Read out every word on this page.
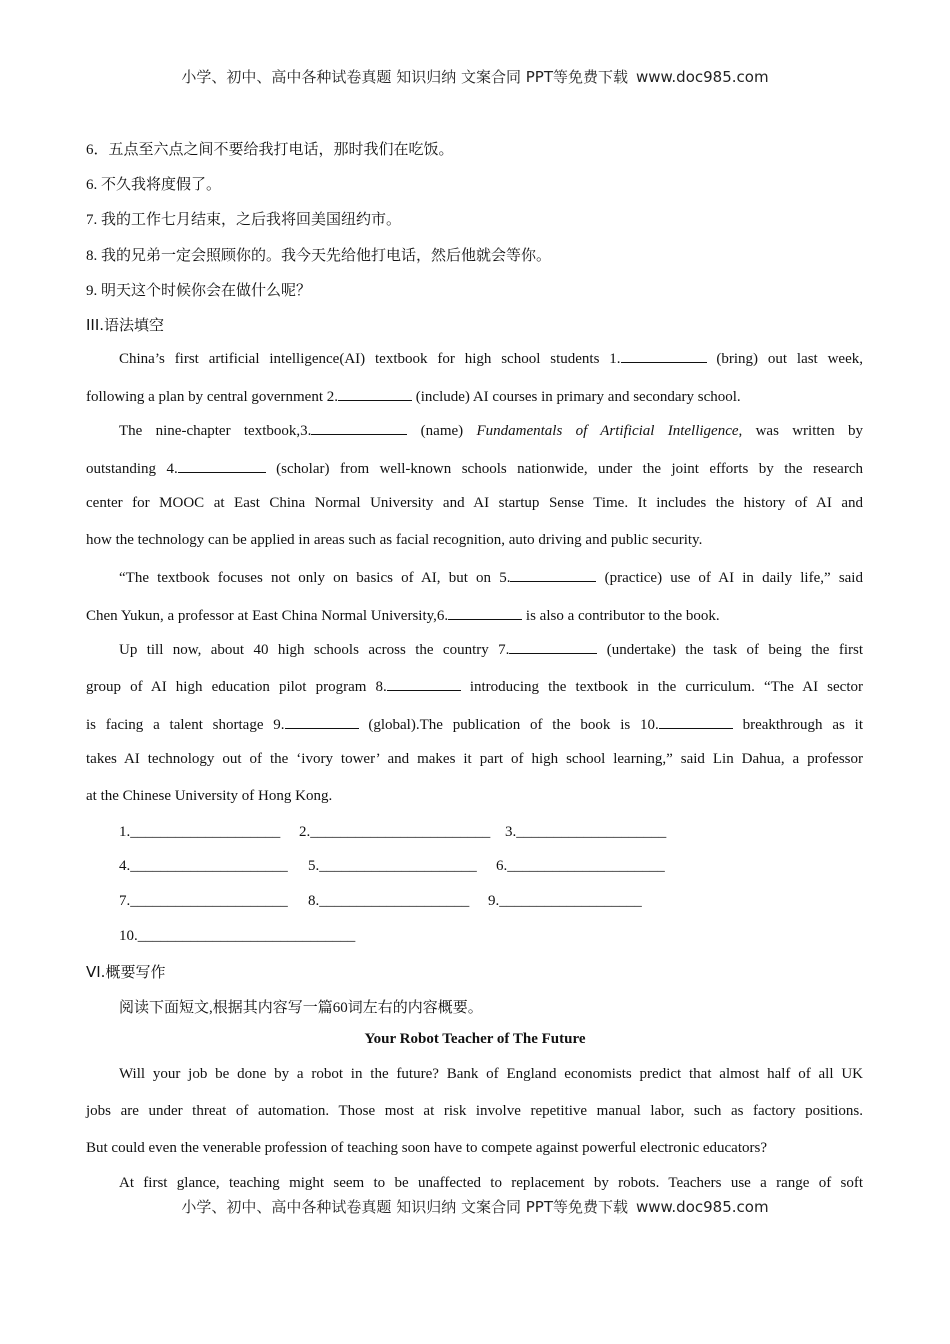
小学、初中、高中各种试卷真题 知识归纳 文案合同 PPT等免费下载 www.doc985.com
6．五点至六点之间不要给我打电话，那时我们在吃饭。
6. 不久我将度假了。
7. 我的工作七月结束，之后我将回美国纽约市。
8. 我的兄弟一定会照顾你的。我今天先给他打电话，然后他就会等你。
9. 明天这个时候你会在做什么呢？
III.语法填空
China’s first artificial intelligence(AI) textbook for high school students 1.	(bring) out last week,
following a plan by central government 2.	(include) AI courses in primary and secondary school.
The nine-chapter textbook,3.	(name) Fundamentals of Artificial Intelligence, was written by
outstanding 4.	(scholar) from well-known schools nationwide, under the joint efforts by the research
center for MOOC at East China Normal University and AI startup Sense Time. It includes the history of AI and
how the technology can be applied in areas such as facial recognition, auto driving and public security.
“The textbook focuses not only on basics of AI, but on 5.	(practice) use of AI in daily life,” said
Chen Yukun, a professor at East China Normal University,6.	is also a contributor to the book.
Up till now, about 40 high schools across the country 7.	(undertake) the task of being the first
group of AI high education pilot program 8.	introducing the textbook in the curriculum. “The AI sector
is facing a talent shortage 9.	(global).The publication of the book is 10.	breakthrough as it
takes AI technology out of the ‘ivory tower’ and makes it part of high school learning,” said Lin Dahua, a professor
at the Chinese University of Hong Kong.
1.____________________ 2.________________________ 3.____________________
4._____________________ 5._____________________ 6._____________________
7._____________________ 8.____________________ 9.___________________
10._____________________________
VI.概要写作
阅读下面短文,根据其内容写一篇60词左右的内容概要。
Your Robot Teacher of The Future
Will your job be done by a robot in the future? Bank of England economists predict that almost half of all UK
jobs are under threat of automation. Those most at risk involve repetitive manual labor, such as factory positions.
But could even the venerable profession of teaching soon have to compete against powerful electronic educators?
At first glance, teaching might seem to be unaffected to replacement by robots. Teachers use a range of soft
小学、初中、高中各种试卷真题 知识归纳 文案合同 PPT等免费下载 www.doc985.com
